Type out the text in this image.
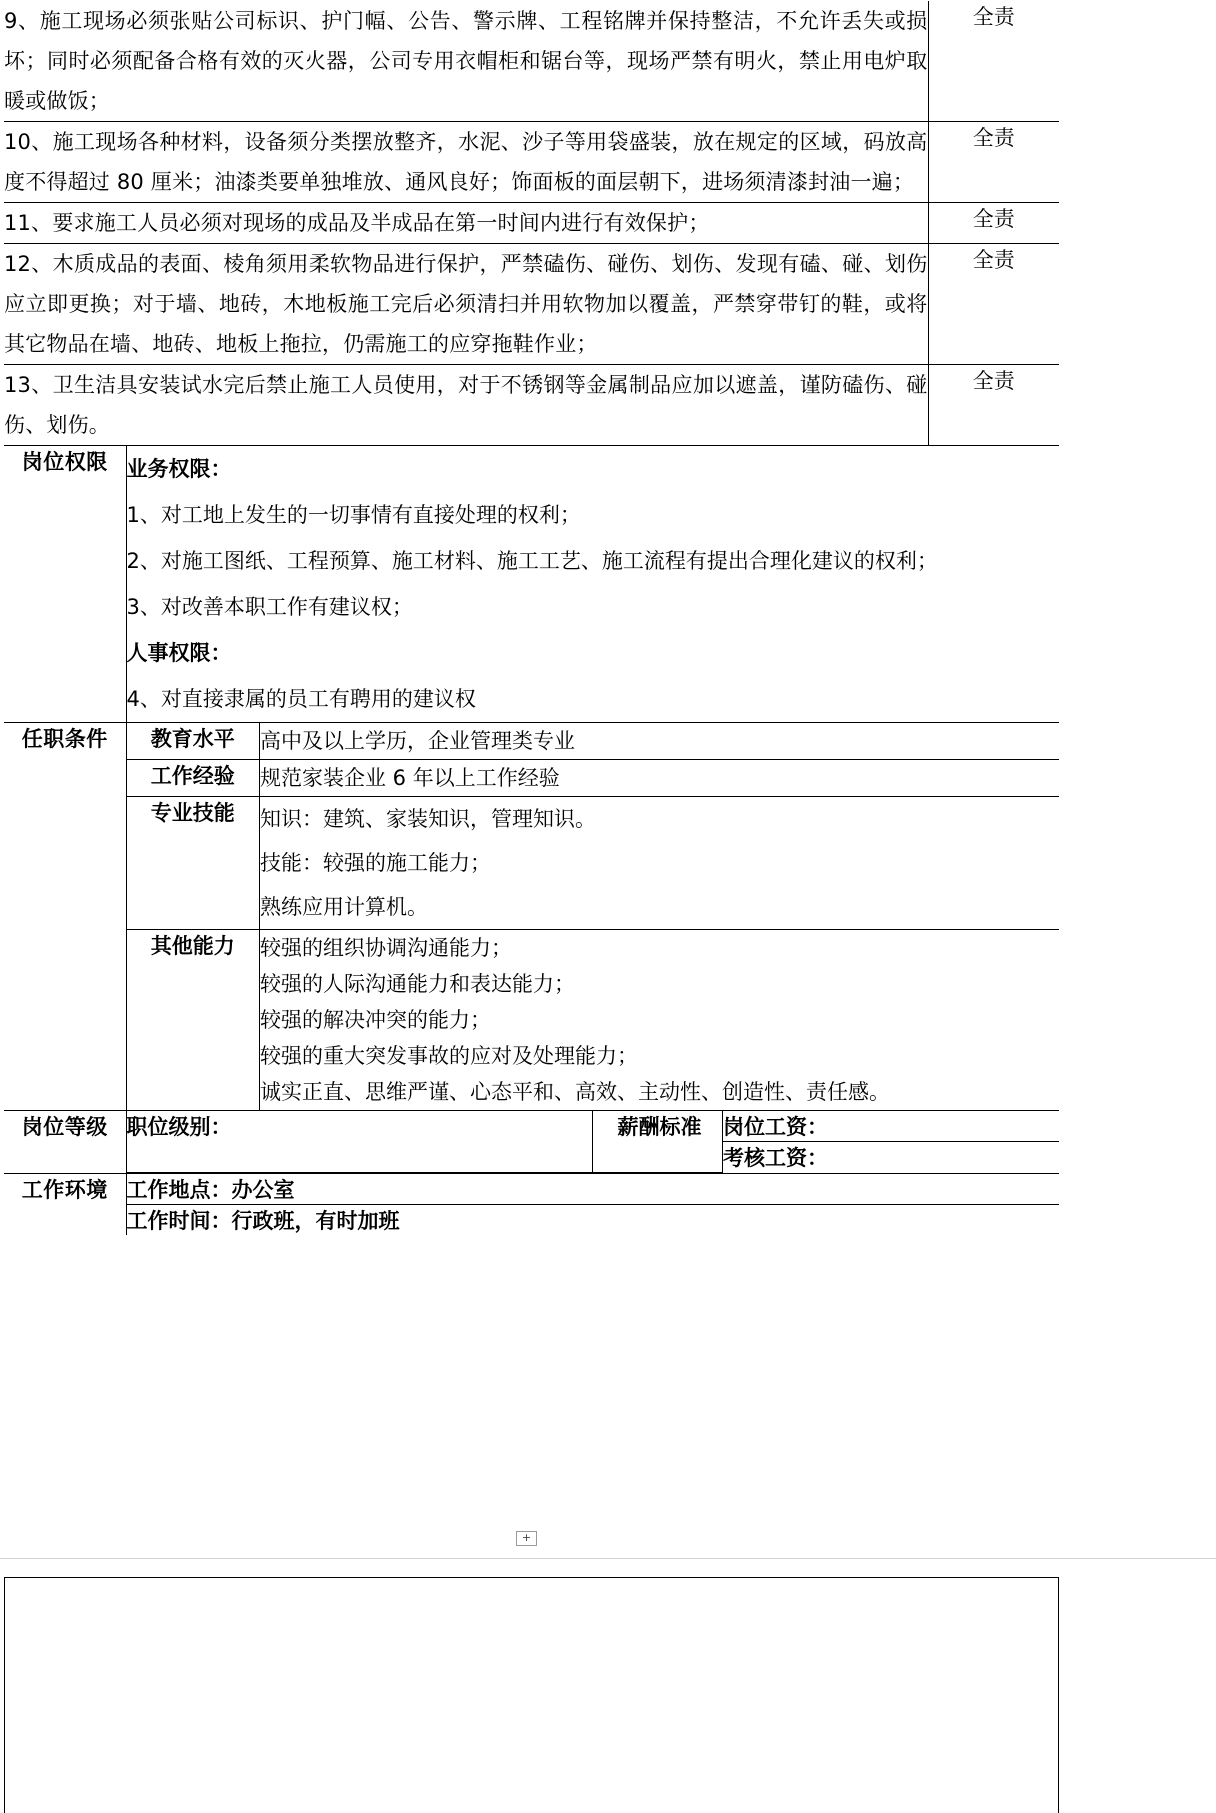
9、施工现场必须张贴公司标识、护门幅、公告、警示牌、工程铭牌并保持整洁，不允许丢失或损坏；同时必须配备合格有效的灭火器，公司专用衣帽柜和锯台等，现场严禁有明火，禁止用电炉取暖或做饭；	全责
10、施工现场各种材料，设备须分类摆放整齐，水泥、沙子等用袋盛装，放在规定的区域，码放高度不得超过 80 厘米；油漆类要单独堆放、通风良好；饰面板的面层朝下，进场须清漆封油一遍；	全责
11、要求施工人员必须对现场的成品及半成品在第一时间内进行有效保护；	全责
12、木质成品的表面、棱角须用柔软物品进行保护，严禁磕伤、碰伤、划伤、发现有磕、碰、划伤应立即更换；对于墙、地砖，木地板施工完后必须清扫并用软物加以覆盖，严禁穿带钉的鞋，或将其它物品在墙、地砖、地板上拖拉，仍需施工的应穿拖鞋作业；	全责
13、卫生洁具安装试水完后禁止施工人员使用，对于不锈钢等金属制品应加以遮盖，谨防磕伤、碰伤、划伤。	全责
岗位权限	业务权限：
1、对工地上发生的一切事情有直接处理的权利；
2、对施工图纸、工程预算、施工材料、施工工艺、施工流程有提出合理化建议的权利；
3、对改善本职工作有建议权；
人事权限：
4、对直接隶属的员工有聘用的建议权

任职条件	教育水平	高中及以上学历，企业管理类专业
工作经验	规范家装企业 6 年以上工作经验
专业技能	知识：建筑、家装知识，管理知识。
技能：较强的施工能力；
熟练应用计算机。

其他能力	较强的组织协调沟通能力；
较强的人际沟通能力和表达能力；
较强的解决冲突的能力；
较强的重大突发事故的应对及处理能力；
诚实正直、思维严谨、心态平和、高效、主动性、创造性、责任感。

岗位等级	职位级别：	薪酬标准	岗位工资：
考核工资：

工作环境	工作地点：办公室
工作时间：行政班，有时加班
+
